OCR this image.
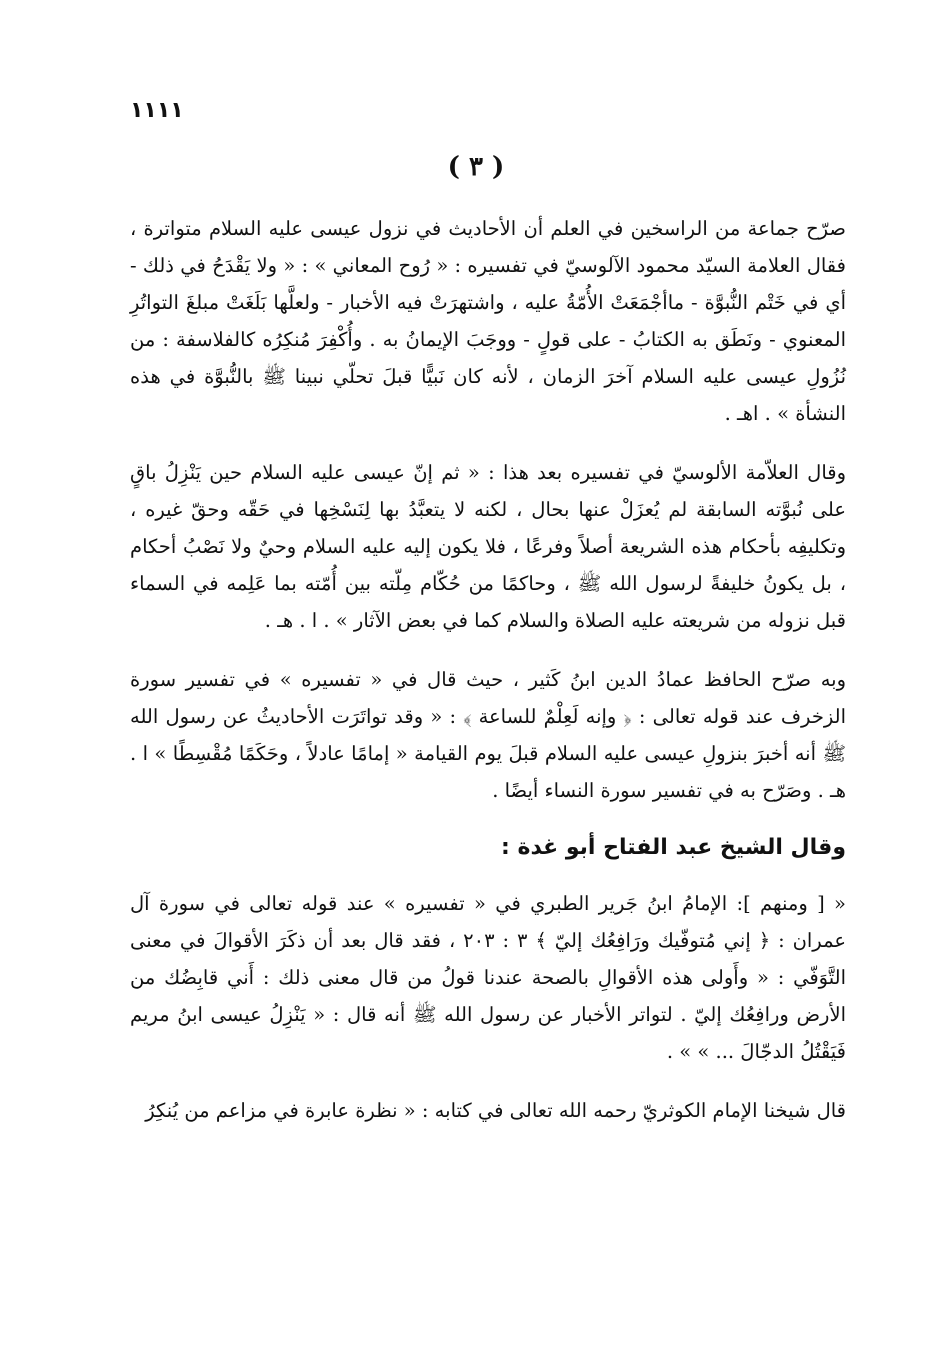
١١١١
( ٣ )

صرّح جماعة من الراسخين في العلم أن الأحاديث في نزول عيسى عليه السلام متواترة ، فقال العلامة السيّد محمود الآلوسيّ في تفسيره : « رُوح المعاني » : « ولا يَقْدَحُ في ذلك - أي في خَتْم النُّبوَّة - ماأجْمَعَتْ الأُمّةُ عليه ، واشتهرَتْ فيه الأخبار - ولعلَّها بَلَغَتْ مبلغَ التواتُرِ المعنوي - ونَطَق به الكتابُ - على قولٍ - ووجَبَ الإيمانُ به . وأُكْفِرَ مُنكِرُه كالفلاسفة : من نُزُولِ عيسى عليه السلام آخرَ الزمان ، لأنه كان نَبيًّا قبلَ تحلّي نبينا ﷺ بالنُّبوَّة في هذه النشأة » . اهـ .

وقال العلاّمة الألوسيّ في تفسيره بعد هذا : « ثم إنّ عيسى عليه السلام حين يَنْزِلُ باقٍ على نُبوَّته السابقة لم يُعزَلْ عنها بحال ، لكنه لا يتعبَّدُ بها لِنَسْخِها في حَقّه وحقّ غيره ، وتكليفِه بأحكام هذه الشريعة أصلاً وفرعًا ، فلا يكون إليه عليه السلام وحيٌ ولا نَصْبُ أحكام ، بل يكونُ خليفةً لرسول الله ﷺ ، وحاكمًا من حُكّام مِلّته بين أُمّته بما عَلِمه في السماء قبل نزوله من شريعته عليه الصلاة والسلام كما في بعض الآثار » . ا . هـ .

وبه صرّح الحافظ عمادُ الدين ابنُ كَثير ، حيث قال في « تفسيره » في تفسير سورة الزخرف عند قوله تعالى : ﴿ وإنه لَعِلْمٌ للساعة ﴾ : « وقد تواتَرَت الأحاديثُ عن رسول الله ﷺ أنه أخبرَ بنزولِ عيسى عليه السلام قبلَ يوم القيامة « إمامًا عادلاً ، وحَكَمًا مُقْسِطًا » ا . هـ . وصَرّح به في تفسير سورة النساء أيضًا .

وقال الشيخ عبد الفتاح أبو غدة :

« [ ومنهم ]: الإمامُ ابنُ جَرير الطبري في « تفسيره » عند قوله تعالى في سورة آل عمران : ﴿ إني مُتوفّيك ورَافِعُك إليّ ﴾ ٣ : ٢٠٣ ، فقد قال بعد أن ذكَرَ الأقوالَ في معنى التَّوَفّي : « وأَولى هذه الأقوالِ بالصحة عندنا قولُ من قال معنى ذلك : أَني قابِضُك من الأرض ورافِعُك إليّ . لتواتر الأخبار عن رسول الله ﷺ أنه قال : « يَنْزِلُ عيسى ابنُ مريم فَيَقْتُلُ الدجّالَ ... » » .

قال شيخنا الإمام الكوثريّ رحمه الله تعالى في كتابه : « نظرة عابرة في مزاعم من يُنكِرُ
